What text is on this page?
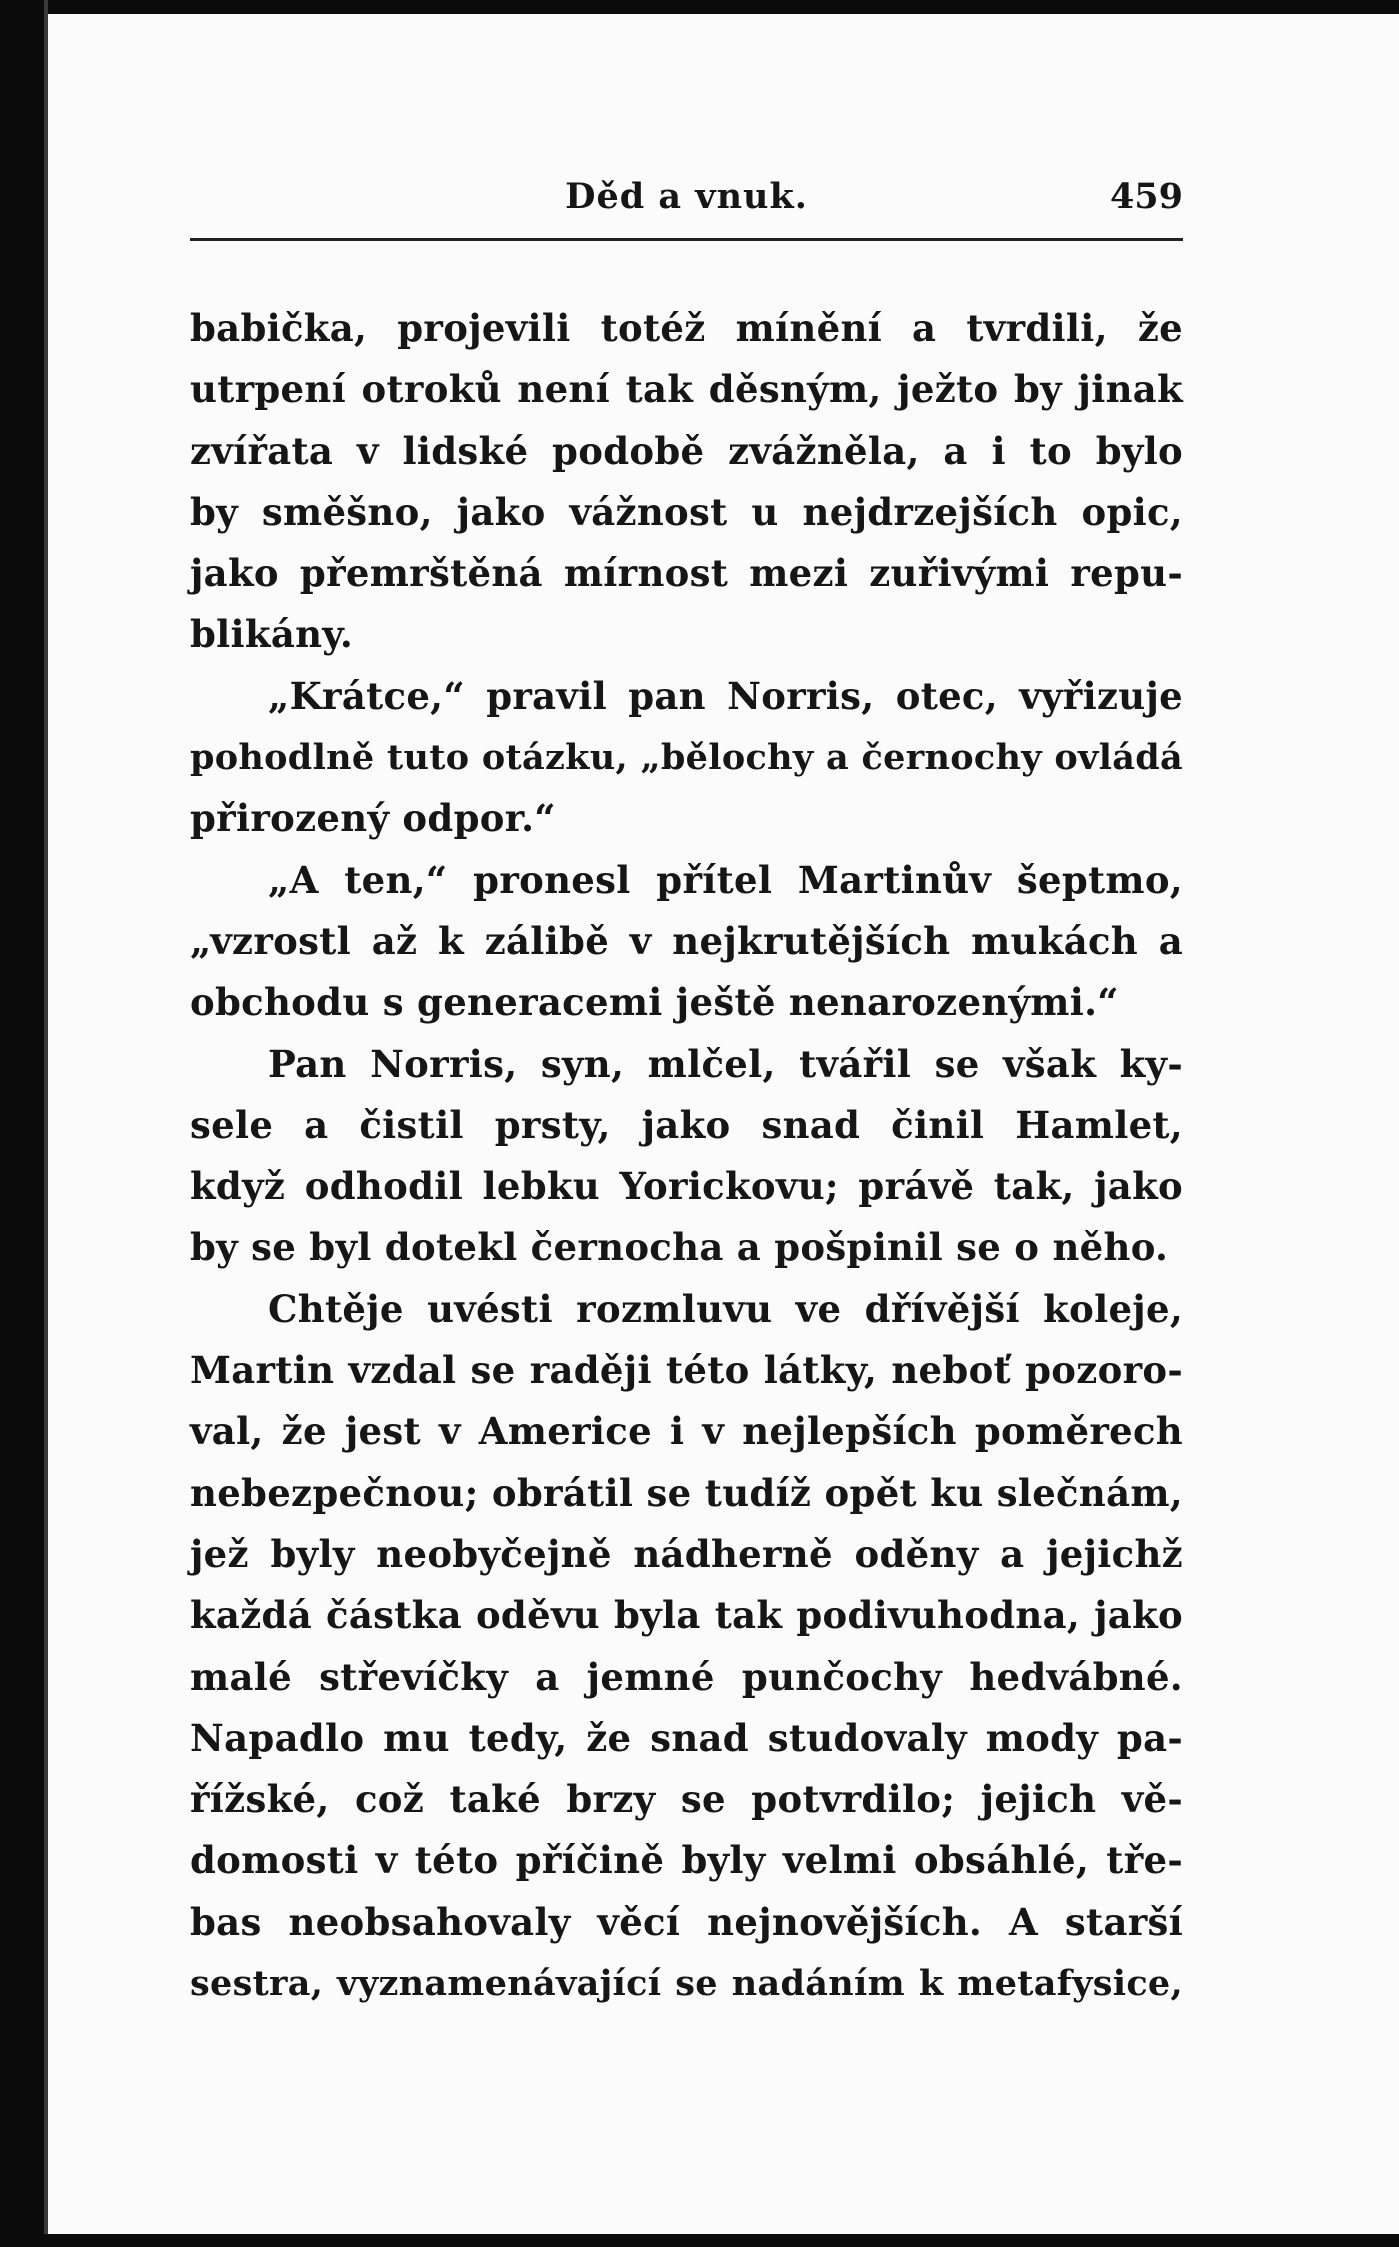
Děd a vnuk.	459
babička, projevili totéž mínění a tvrdili, že
utrpení otroků není tak děsným, ježto by jinak
zvířata v lidské podobě zvážněla, a i to bylo
by směšno, jako vážnost u nejdrzejších opic,
jako přemrštěná mírnost mezi zuřivými repu-
blikány.
„Krátce,“ pravil pan Norris, otec, vyřizuje
pohodlně tuto otázku, „bělochy a černochy ovládá
přirozený odpor.“
„A ten,“ pronesl přítel Martinův šeptmo,
„vzrostl až k zálibě v nejkrutějších mukách a
obchodu s generacemi ještě nenarozenými.“
Pan Norris, syn, mlčel, tvářil se však ky-
sele a čistil prsty, jako snad činil Hamlet,
když odhodil lebku Yorickovu; právě tak, jako
by se byl dotekl černocha a pošpinil se o něho.
Chtěje uvésti rozmluvu ve dřívější koleje,
Martin vzdal se raději této látky, neboť pozoro-
val, že jest v Americe i v nejlepších poměrech
nebezpečnou; obrátil se tudíž opět ku slečnám,
jež byly neobyčejně nádherně oděny a jejichž
každá částka oděvu byla tak podivuhodna, jako
malé střevíčky a jemné punčochy hedvábné.
Napadlo mu tedy, že snad studovaly mody pa-
řížské, což také brzy se potvrdilo; jejich vě-
domosti v této příčině byly velmi obsáhlé, tře-
bas neobsahovaly věcí nejnovějších. A starší
sestra, vyznamenávající se nadáním k metafysice,
